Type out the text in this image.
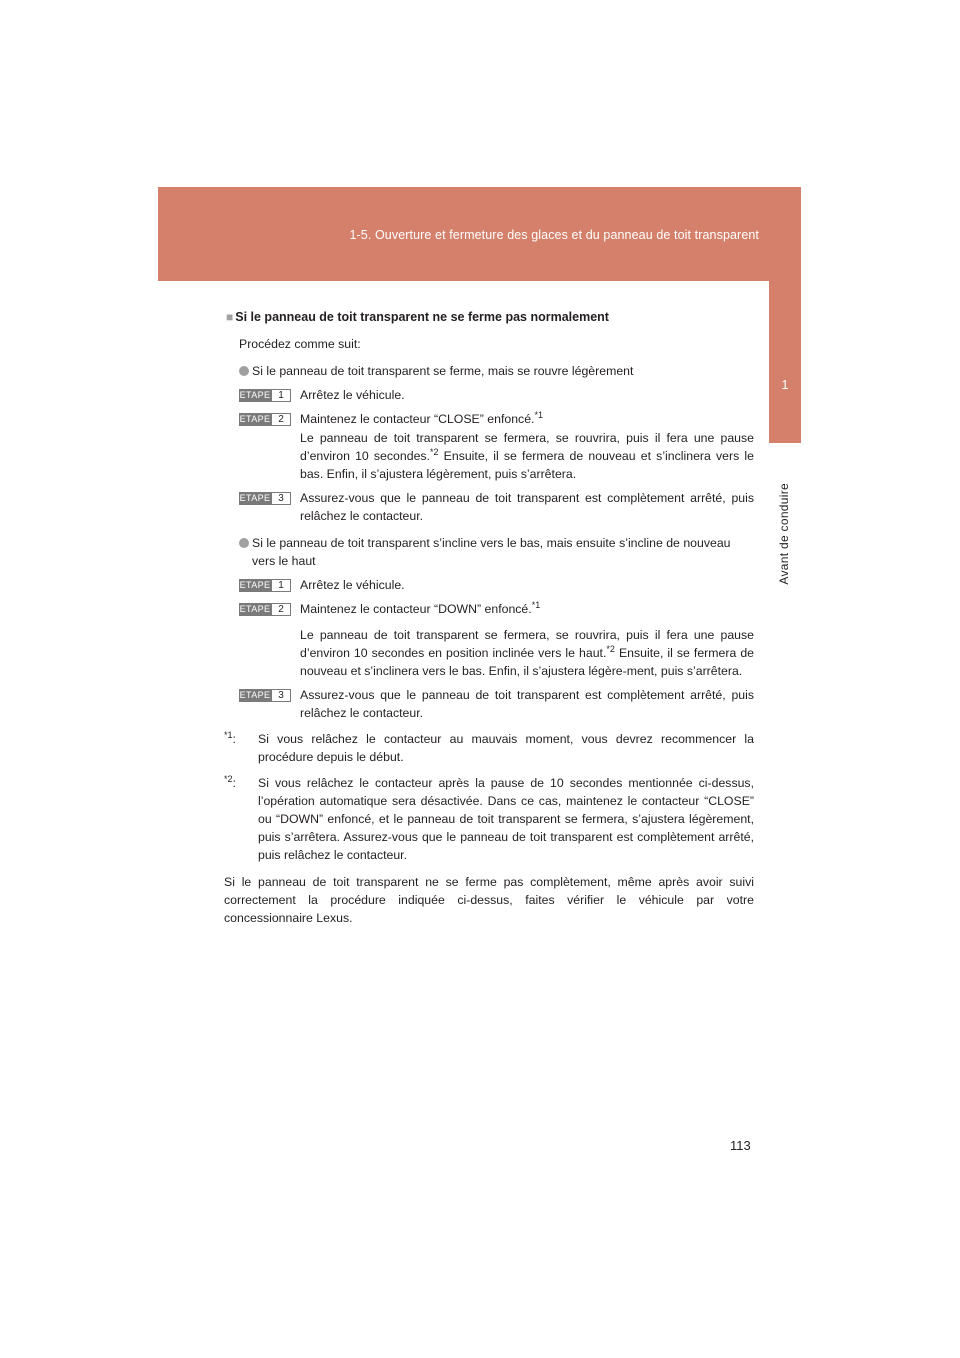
1-5. Ouverture et fermeture des glaces et du panneau de toit transparent
1
Avant de conduire
■ Si le panneau de toit transparent ne se ferme pas normalement
Procédez comme suit:
Si le panneau de toit transparent se ferme, mais se rouvre légèrement
ETAPE 1	Arrêtez le véhicule.

ETAPE 2	Maintenez le contacteur “CLOSE” enfoncé.$^{*1}$

Le panneau de toit transparent se fermera, se rouvrira, puis il fera une pause d’environ 10 secondes.$^{*2}$ Ensuite, il se fermera de nouveau et s’inclinera vers le bas. Enfin, il s’ajustera légèrement, puis s’arrêtera.

ETAPE 3	Assurez-vous que le panneau de toit transparent est complètement arrêté, puis relâchez le contacteur.

Si le panneau de toit transparent s’incline vers le bas, mais ensuite s’incline de nouveau vers le haut
ETAPE 1	Arrêtez le véhicule.

ETAPE 2	Maintenez le contacteur “DOWN” enfoncé.$^{*1}$

Le panneau de toit transparent se fermera, se rouvrira, puis il fera une pause d’environ 10 secondes en position inclinée vers le haut.$^{*2}$ Ensuite, il se fermera de nouveau et s’inclinera vers le bas. Enfin, il s’ajustera légère-ment, puis s’arrêtera.

ETAPE 3	Assurez-vous que le panneau de toit transparent est complètement arrêté, puis relâchez le contacteur.

$^{*1}$:	Si vous relâchez le contacteur au mauvais moment, vous devrez recommencer la procédure depuis le début.
$^{*2}$:	Si vous relâchez le contacteur après la pause de 10 secondes mentionnée ci-dessus, l’opération automatique sera désactivée. Dans ce cas, maintenez le contacteur “CLOSE” ou “DOWN” enfoncé, et le panneau de toit transparent se fermera, s’ajustera légèrement, puis s’arrêtera. Assurez-vous que le panneau de toit transparent est complètement arrêté, puis relâchez le contacteur.
Si le panneau de toit transparent ne se ferme pas complètement, même après avoir suivi correctement la procédure indiquée ci-dessus, faites vérifier le véhicule par votre concessionnaire Lexus.
113
